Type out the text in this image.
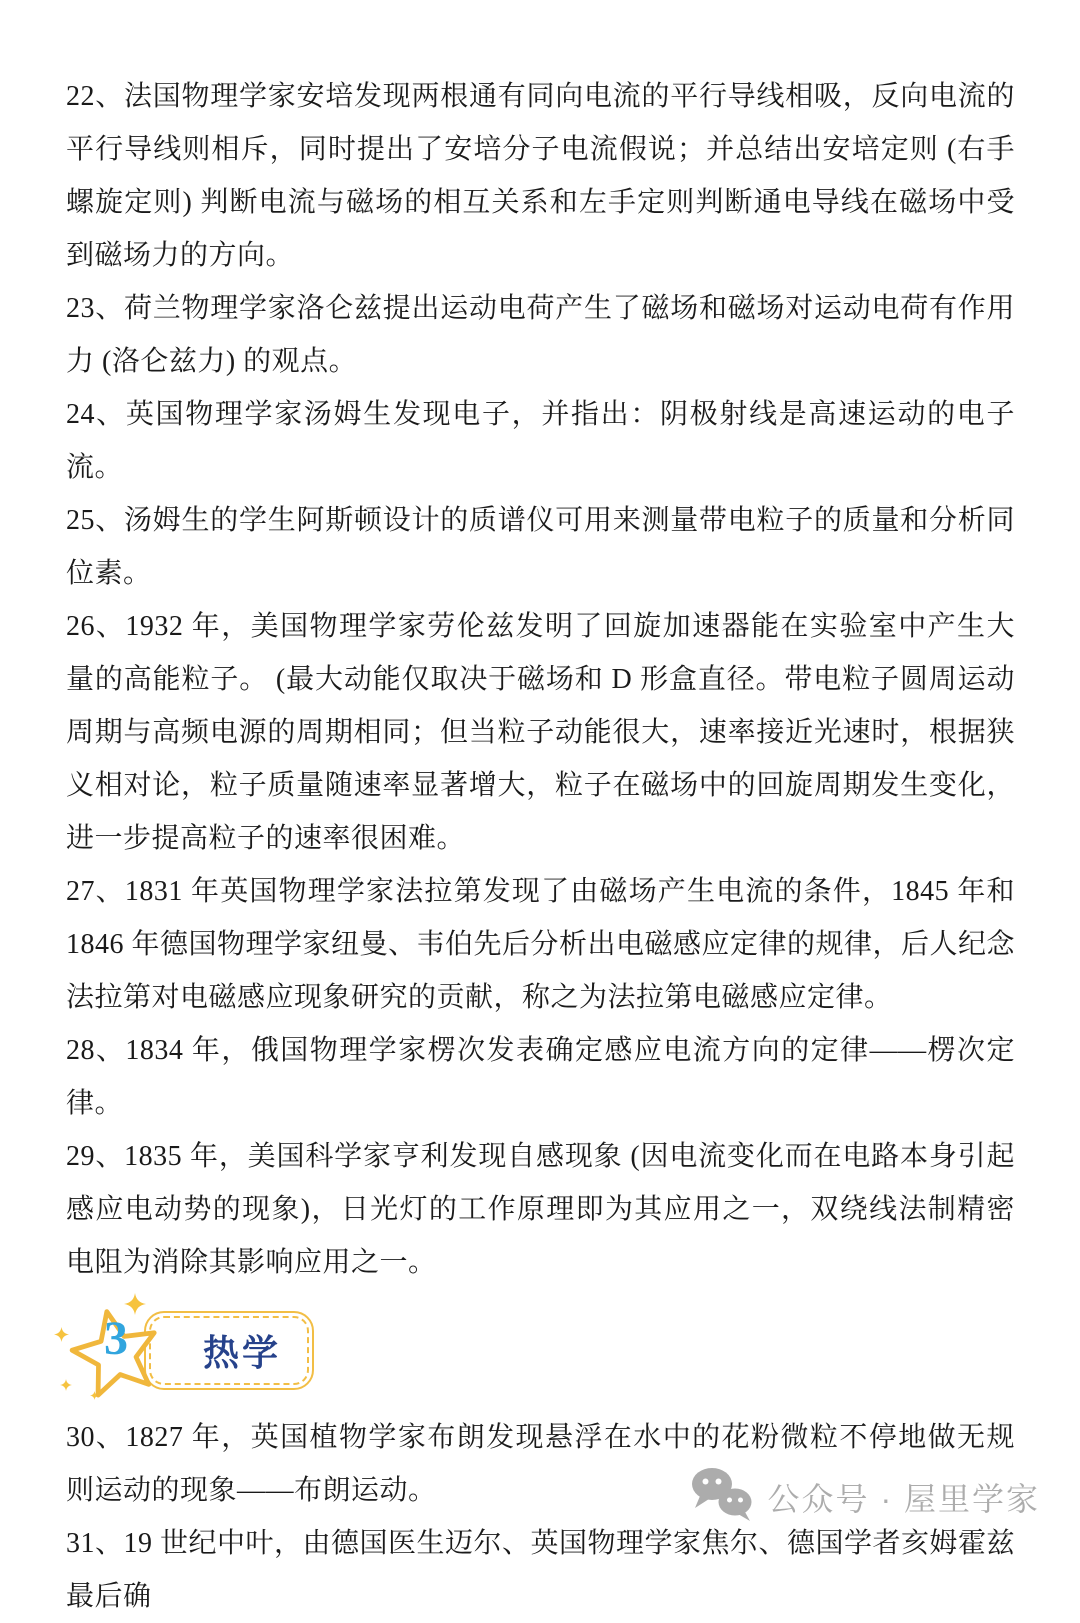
22、法国物理学家安培发现两根通有同向电流的平行导线相吸，反向电流的平行导线则相斥，同时提出了安培分子电流假说；并总结出安培定则 (右手螺旋定则) 判断电流与磁场的相互关系和左手定则判断通电导线在磁场中受到磁场力的方向。

23、荷兰物理学家洛仑兹提出运动电荷产生了磁场和磁场对运动电荷有作用力 (洛仑兹力) 的观点。

24、英国物理学家汤姆生发现电子，并指出：阴极射线是高速运动的电子流。

25、汤姆生的学生阿斯顿设计的质谱仪可用来测量带电粒子的质量和分析同位素。

26、1932 年，美国物理学家劳伦兹发明了回旋加速器能在实验室中产生大量的高能粒子。 (最大动能仅取决于磁场和 D 形盒直径。带电粒子圆周运动周期与高频电源的周期相同；但当粒子动能很大，速率接近光速时，根据狭义相对论，粒子质量随速率显著增大，粒子在磁场中的回旋周期发生变化，进一步提高粒子的速率很困难。

27、1831 年英国物理学家法拉第发现了由磁场产生电流的条件，1845 年和 1846 年德国物理学家纽曼、韦伯先后分析出电磁感应定律的规律，后人纪念法拉第对电磁感应现象研究的贡献，称之为法拉第电磁感应定律。

28、1834 年，俄国物理学家楞次发表确定感应电流方向的定律——楞次定律。

29、1835 年，美国科学家亨利发现自感现象 (因电流变化而在电路本身引起感应电动势的现象)，日光灯的工作原理即为其应用之一，双绕线法制精密电阻为消除其影响应用之一。

热学
3

30、1827 年，英国植物学家布朗发现悬浮在水中的花粉微粒不停地做无规则运动的现象——布朗运动。

31、19 世纪中叶，由德国医生迈尔、英国物理学家焦尔、德国学者亥姆霍兹最后确

公众号 · 屋里学家
